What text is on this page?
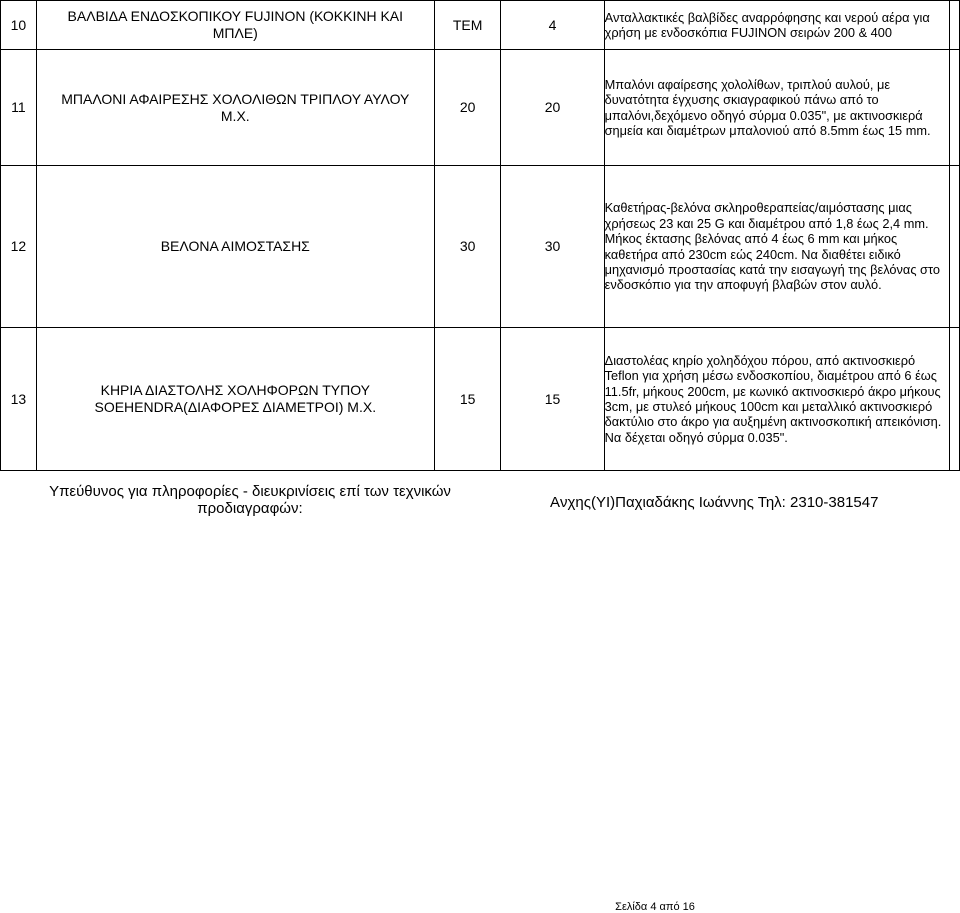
10	ΒΑΛΒΙΔΑ ΕΝΔΟΣΚΟΠΙΚΟΥ FUJINON (ΚΟΚΚΙΝΗ ΚΑΙ ΜΠΛΕ)	ΤΕΜ	4	Ανταλλακτικές βαλβίδες αναρρόφησης και νερού αέρα για χρήση με ενδοσκόπια FUJINON σειρών 200 & 400	
11	ΜΠΑΛΟΝΙ ΑΦΑΙΡΕΣΗΣ ΧΟΛΟΛΙΘΩΝ ΤΡΙΠΛΟΥ ΑΥΛΟΥ Μ.Χ.	20	20	Μπαλόνι αφαίρεσης χολολίθων, τριπλού αυλού, με δυνατότητα έγχυσης σκιαγραφικού πάνω από το μπαλόνι,δεχόμενο οδηγό σύρμα 0.035", με ακτινοσκιερά σημεία και διαμέτρων μπαλονιού από 8.5mm έως 15 mm.	
12	ΒΕΛΟΝΑ ΑΙΜΟΣΤΑΣΗΣ	30	30	Καθετήρας-βελόνα σκληροθεραπείας/αιμόστασης μιας χρήσεως 23 και 25 G και διαμέτρου από 1,8 έως 2,4 mm. Μήκος έκτασης βελόνας από 4 έως 6 mm και μήκος καθετήρα από 230cm εώς 240cm. Να διαθέτει ειδικό μηχανισμό προστασίας κατά την εισαγωγή της βελόνας στο ενδοσκόπιο για την αποφυγή βλαβών στον αυλό.	
13	ΚΗΡΙΑ ΔΙΑΣΤΟΛΗΣ ΧΟΛΗΦΟΡΩΝ ΤΥΠΟΥ SOEHENDRA(ΔΙΑΦΟΡΕΣ ΔΙΑΜΕΤΡΟΙ) Μ.Χ.	15	15	Διαστολέας κηρίο χοληδόχου πόρου, από ακτινοσκιερό Teflon για χρήση μέσω ενδοσκοπίου, διαμέτρου από 6 έως 11.5fr, μήκους 200cm, με κωνικό ακτινοσκιερό άκρο μήκους 3cm, με στυλεό μήκους 100cm και μεταλλικό ακτινοσκιερό δακτύλιο στο άκρο για αυξημένη ακτινοσκοπική απεικόνιση. Να δέχεται οδηγό σύρμα 0.035".	
Υπεύθυνος για πληροφορίες - διευκρινίσεις επί των τεχνικών προδιαγραφών:	Aνχης(ΥΙ)Παχιαδάκης Ιωάννης Τηλ: 2310-381547
Σελίδα 4 από 16
